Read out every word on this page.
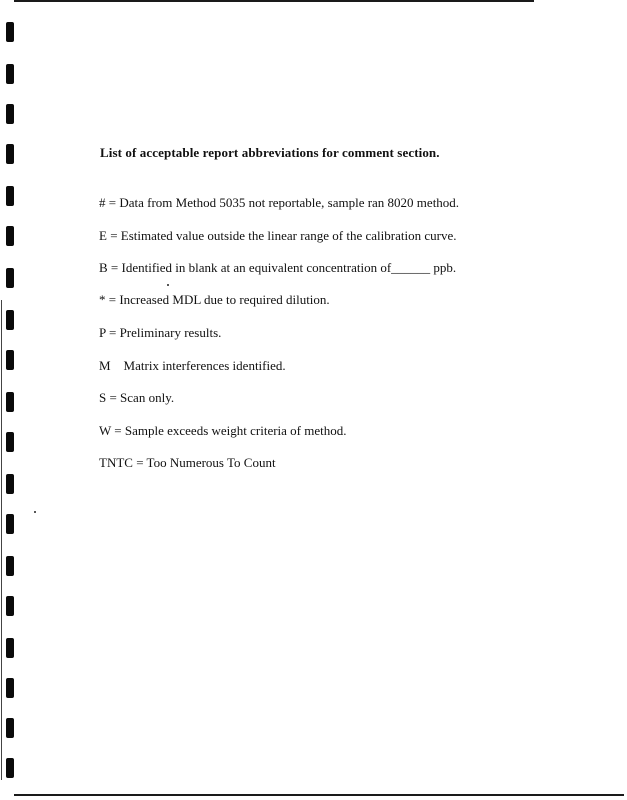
List of acceptable report abbreviations for comment section.
# = Data from Method 5035 not reportable, sample ran 8020 method.
E = Estimated value outside the linear range of the calibration curve.
B = Identified in blank at an equivalent concentration of______ ppb.
* = Increased MDL due to required dilution.
P = Preliminary results.
M    Matrix interferences identified.
S = Scan only.
W = Sample exceeds weight criteria of method.
TNTC = Too Numerous To Count
